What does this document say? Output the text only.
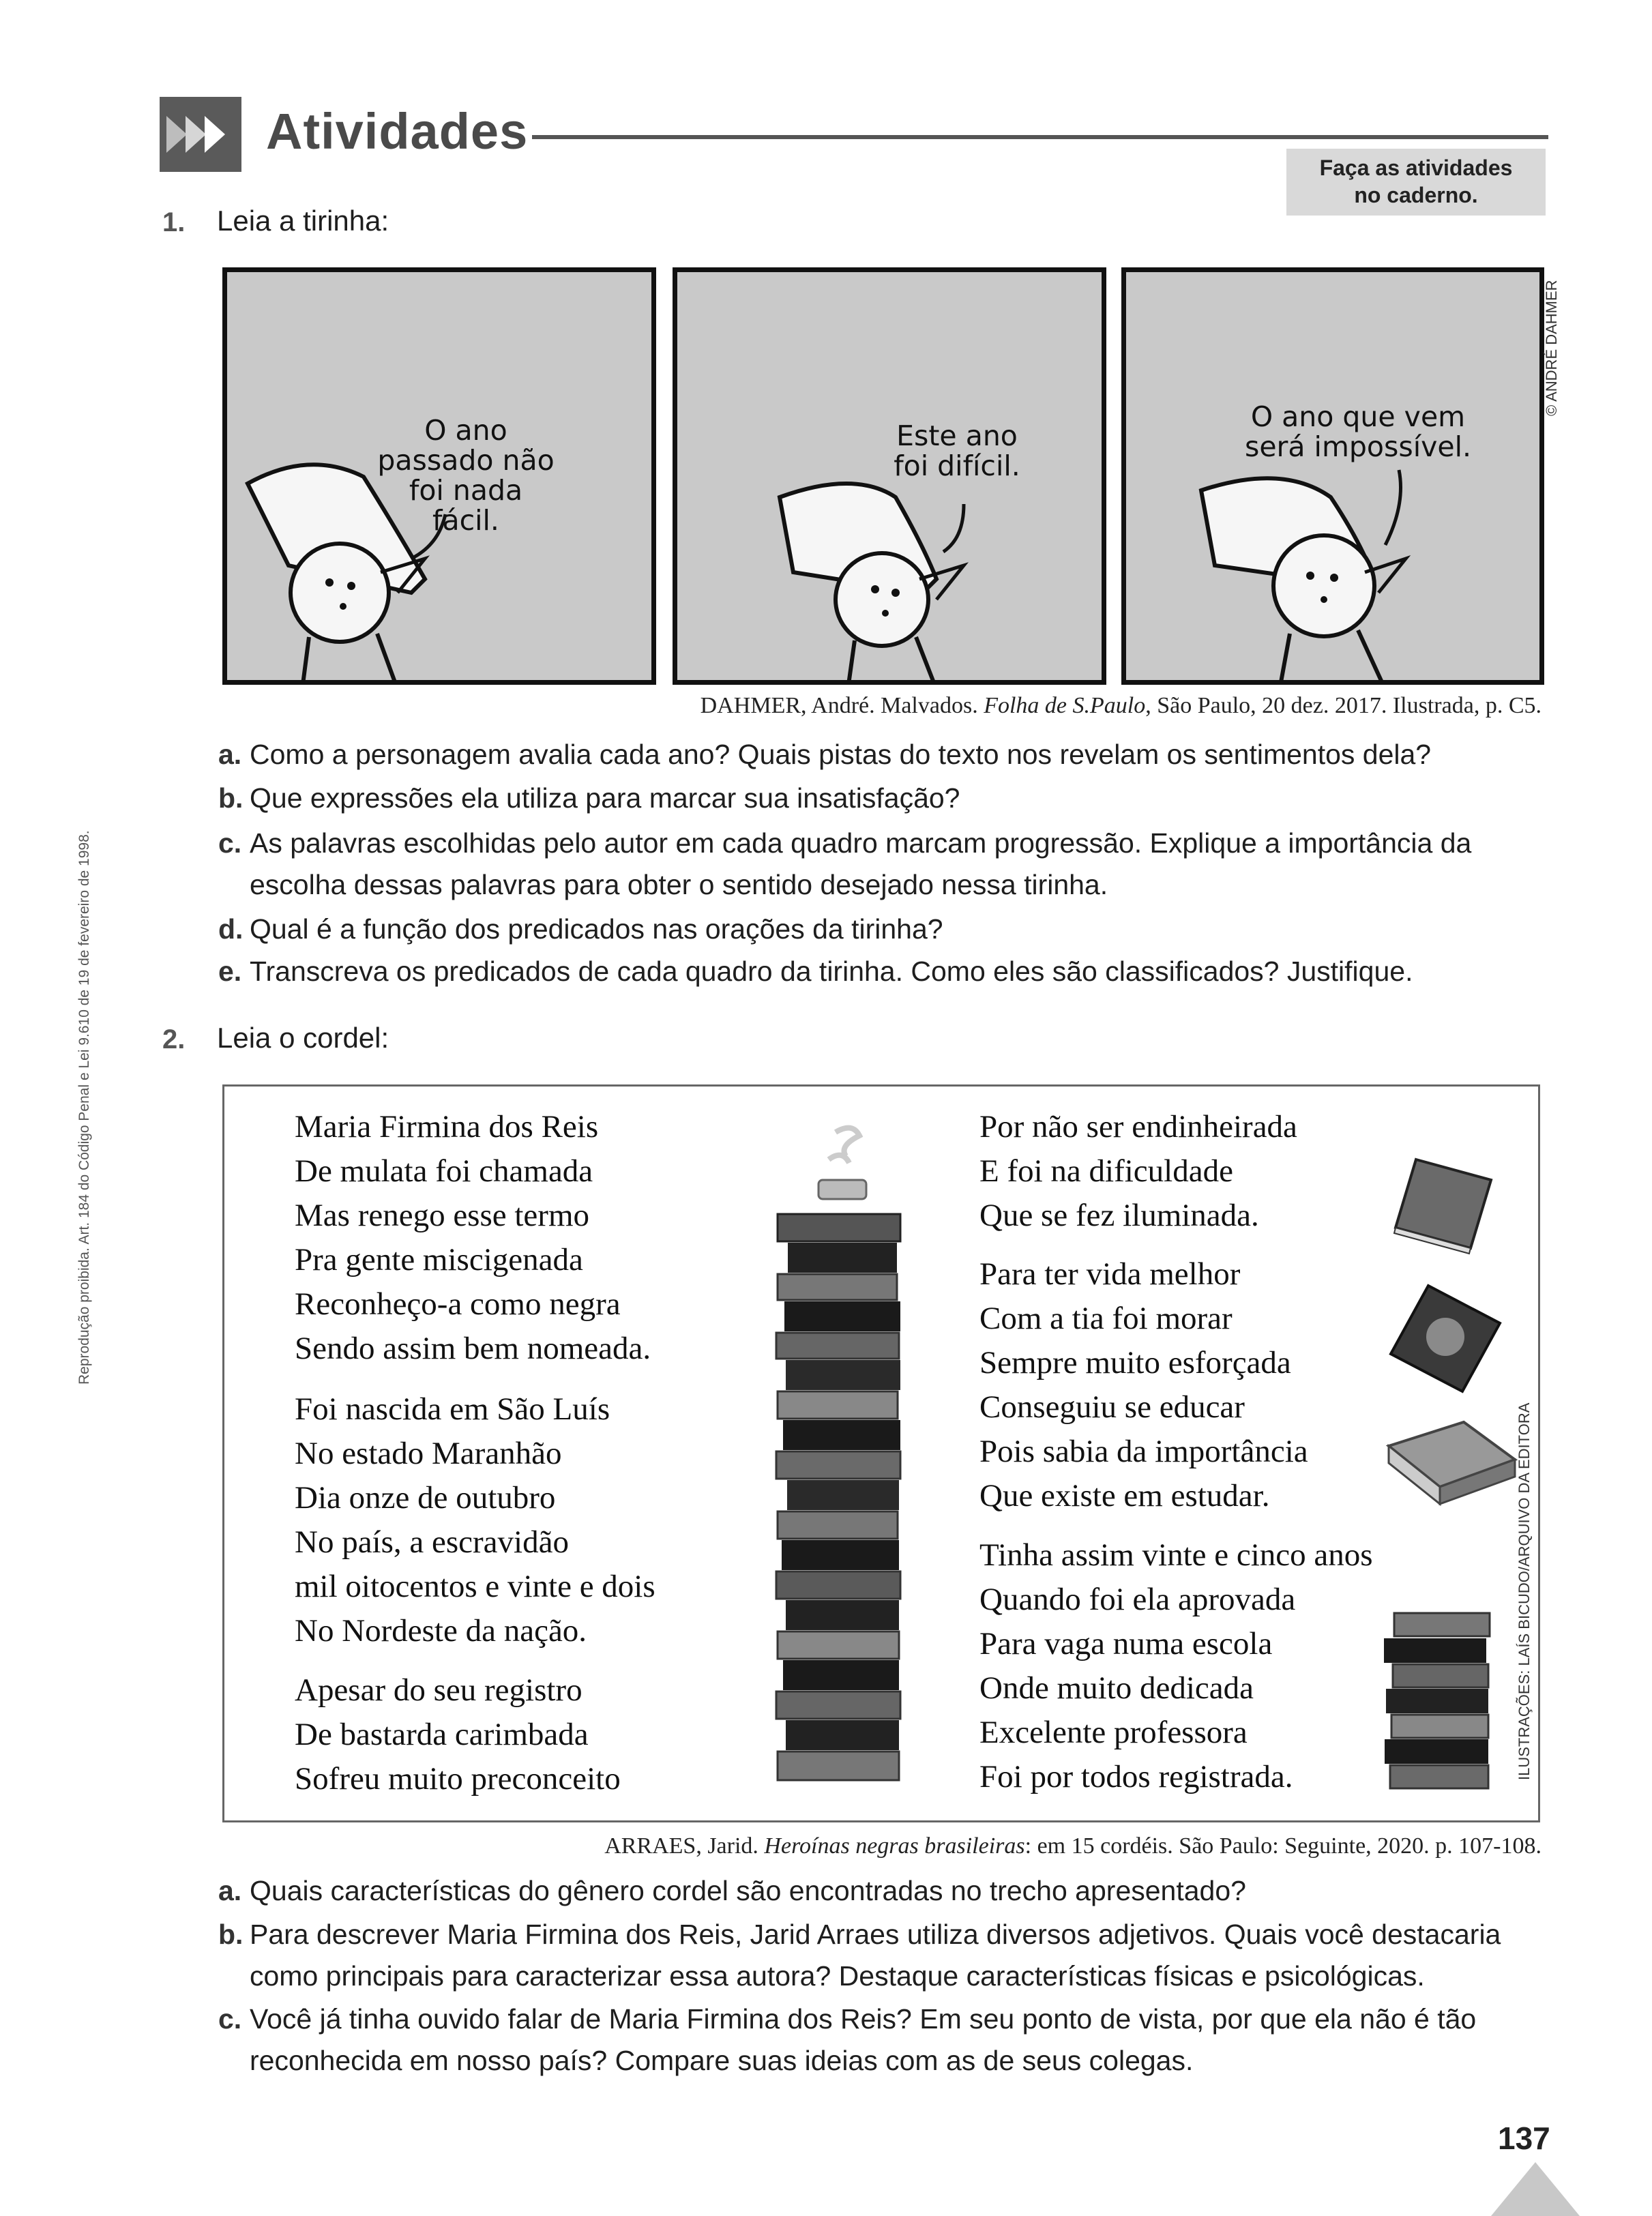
Atividades
Faça as atividades
no caderno.
Reprodução proibida. Art. 184 do Código Penal e Lei 9.610 de 19 de fevereiro de 1998.
1. Leia a tirinha:
O ano
passado não
foi nada fácil.
Este ano
foi difícil.
O ano que vem
será impossível.
© ANDRÉ DAHMER
DAHMER, André. Malvados. Folha de S.Paulo, São Paulo, 20 dez. 2017. Ilustrada, p. C5.
a. Como a personagem avalia cada ano? Quais pistas do texto nos revelam os sentimentos dela?
b. Que expressões ela utiliza para marcar sua insatisfação?
c. As palavras escolhidas pelo autor em cada quadro marcam progressão. Explique a importância da
escolha dessas palavras para obter o sentido desejado nessa tirinha.
d. Qual é a função dos predicados nas orações da tirinha?
e. Transcreva os predicados de cada quadro da tirinha. Como eles são classificados? Justifique.
2. Leia o cordel:
Maria Firmina dos Reis
De mulata foi chamada
Mas renego esse termo
Pra gente miscigenada
Reconheço-a como negra
Sendo assim bem nomeada.
Foi nascida em São Luís
No estado Maranhão
Dia onze de outubro
No país, a escravidão
mil oitocentos e vinte e dois
No Nordeste da nação.
Apesar do seu registro
De bastarda carimbada
Sofreu muito preconceito
Por não ser endinheirada
E foi na dificuldade
Que se fez iluminada.
Para ter vida melhor
Com a tia foi morar
Sempre muito esforçada
Conseguiu se educar
Pois sabia da importância
Que existe em estudar.
Tinha assim vinte e cinco anos
Quando foi ela aprovada
Para vaga numa escola
Onde muito dedicada
Excelente professora
Foi por todos registrada.	ILUSTRAÇÕES: LAÍS BICUDO/ARQUIVO DA EDITORA
ARRAES, Jarid. Heroínas negras brasileiras: em 15 cordéis. São Paulo: Seguinte, 2020. p. 107-108.
a. Quais características do gênero cordel são encontradas no trecho apresentado?
b. Para descrever Maria Firmina dos Reis, Jarid Arraes utiliza diversos adjetivos. Quais você destacaria
como principais para caracterizar essa autora? Destaque características físicas e psicológicas.
c. Você já tinha ouvido falar de Maria Firmina dos Reis? Em seu ponto de vista, por que ela não é tão
reconhecida em nosso país? Compare suas ideias com as de seus colegas.
137
